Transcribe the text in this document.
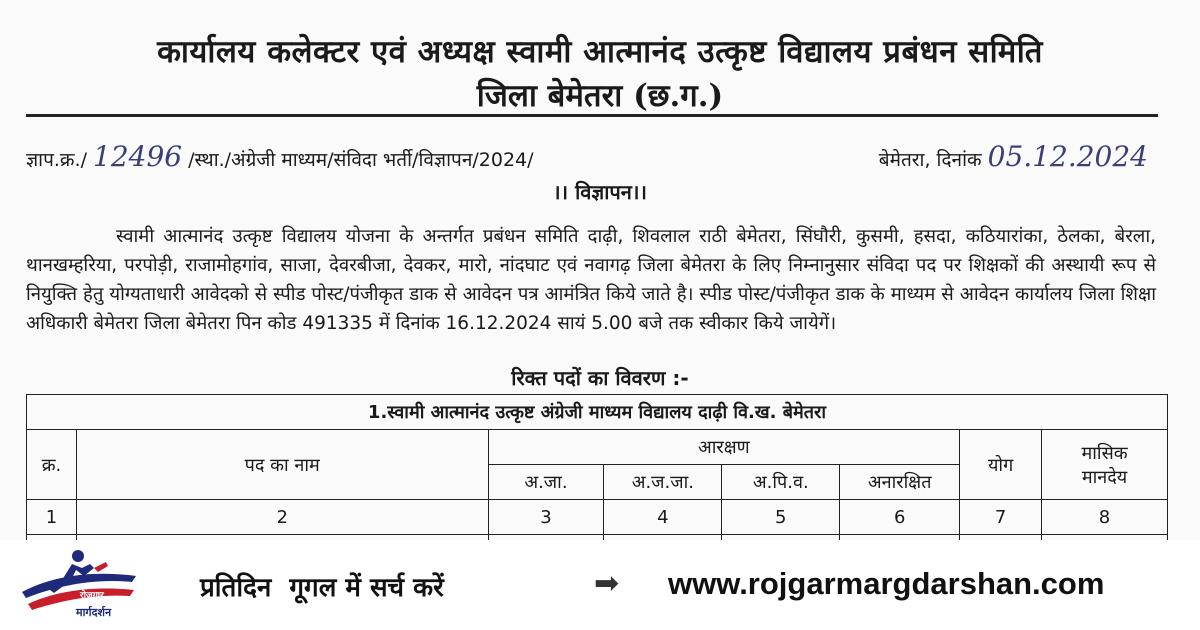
कार्यालय कलेक्टर एवं अध्यक्ष स्वामी आत्मानंद उत्कृष्ट विद्यालय प्रबंधन समिति
जिला बेमेतरा (छ.ग.)
ज्ञाप.क्र./ 12496 /स्था./अंग्रेजी माध्यम/संविदा भर्ती/विज्ञापन/2024/	बेमेतरा, दिनांक 05.12.2024
।। विज्ञापन।।

स्वामी आत्मानंद उत्कृष्ट विद्यालय योजना के अन्तर्गत प्रबंधन समिति दाढ़ी, शिवलाल राठी बेमेतरा, सिंघौरी, कुसमी, हसदा, कठियारांका, ठेलका, बेरला, थानखम्हरिया, परपोड़ी, राजामोहगांव, साजा, देवरबीजा, देवकर, मारो, नांदघाट एवं नवागढ़ जिला बेमेतरा के लिए निम्नानुसार संविदा पद पर शिक्षकों की अस्थायी रूप से नियुक्ति हेतु योग्यताधारी आवेदको से स्पीड पोस्ट/पंजीकृत डाक से आवेदन पत्र आमंत्रित किये जाते है। स्पीड पोस्ट/पंजीकृत डाक के माध्यम से आवेदन कार्यालय जिला शिक्षा अधिकारी बेमेतरा जिला बेमेतरा पिन कोड 491335 में दिनांक 16.12.2024 सायं 5.00 बजे तक स्वीकार किये जायेगें।

रिक्त पदों का विवरण :-
1.स्वामी आत्मानंद उत्कृष्ट अंग्रेजी माध्यम विद्यालय दाढ़ी वि.ख. बेमेतरा							
क्र.	पद का नाम	आरक्षण				योग	मासिक
मानदेय

		अ.जा.	अ.ज.जा.	अ.पि.व.	अनारक्षित		
1	2	3	4	5	6	7	8

रोजगार
मार्गदर्शन
प्रतिदिन  गूगल में सर्च करें	➡ www.rojgarmargdarshan.com
